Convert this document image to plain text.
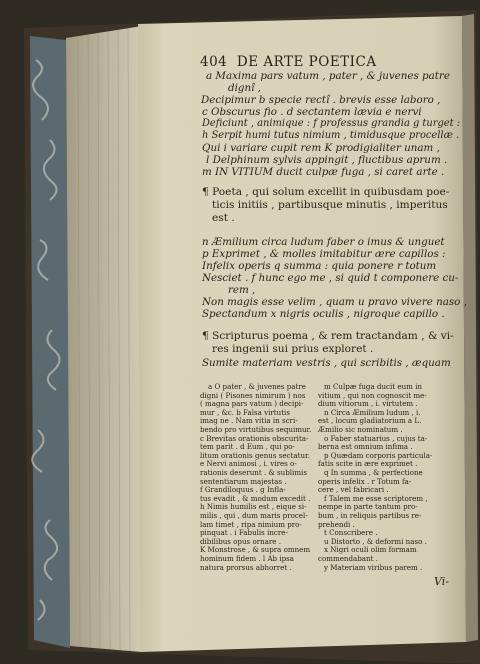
404 DE ARTE POETICA
a Maxima pars vatum , pater , & juvenes patre
dignî ,
Decipimur b specie rectî . brevis esse laboro ,
c Obscurus fio . d sectantem lævia e nervi
Deficiunt , animique : f professus grandia g turget :
h Serpit humi tutus nimium , timidusque procellæ .
Qui i variare cupit rem K prodigialiter unam ,
l Delphinum sylvis appingit , fluctibus aprum .
m IN VITIUM ducit culpæ fuga , si caret arte .
¶ Poeta , qui solum excellit in quibusdam poe-
ticis initiis , partibusque minutis , imperitus
est .
n Æmilium circa ludum faber o imus & unguet
p Exprimet , & molles imitabitur ære capillos :
Infelix operis q summa : quia ponere r totum
Nesciet . f hunc ego me , si quid t componere cu-
rem ,
Non magis esse velim , quam u pravo vivere naso ,
Spectandum x nigris oculis , nigroque capillo .
¶ Scripturus poema , & rem tractandam , & vi-
res ingenii sui prius exploret .
Sumite materiam vestris , qui scribitis , æquam
a O pater , & juvenes patre
digni ( Pisones nimirum ) nos
( magna pars vatum ) decipi-
mur , &c. b Falsa virtutis
imag ne . Nam vitia in scri-
bendo pro virtutibus sequimur.
c Brevitas orationis obscurita-
tem parit . d Eum , qui po-
litum orationis genus sectatur.
e Nervi animosi , i. vires o-
rationis deserunt . & sublimis
sententiarum majestas .
f Grandiloquus . g Infla-
tus evadit , & modum excedit .
h Nimis humilis est , eique si-
milis , qui , dum maris procel-
lam timet , ripa nimium pro-
pinquat . i Fabulis incre-
dibilibus opus ornare .
K Monstrose , & supra omnem
hominum fidem . l Ab ipsa
natura prorsus abhorret .
m Culpæ fuga ducit eum in
vitium , qui non cognoscit me-
dium vitiorum , i. virtutem .
n Circa Æmilium ludum , i.
est , locum gladiatorium a L.
Æmilio sic nominatum .
o Faber statuarius , cujus ta-
berna est omnium infima .
p Quædam corporis particula-
fatis scite in ære exprimet .
q In summa , & perfectione
operis infelix . r Totum fa-
cere , vel fabricari .
f Talem me esse scriptorem ,
nempe in parte tantum pro-
bum , in reliquis partibus re-
prehendi .
t Conscribere .
u Distorto , & deformi naso .
x Nigri oculi olim formam
commendabant .
y Materiam viribus parem .
Vi-
